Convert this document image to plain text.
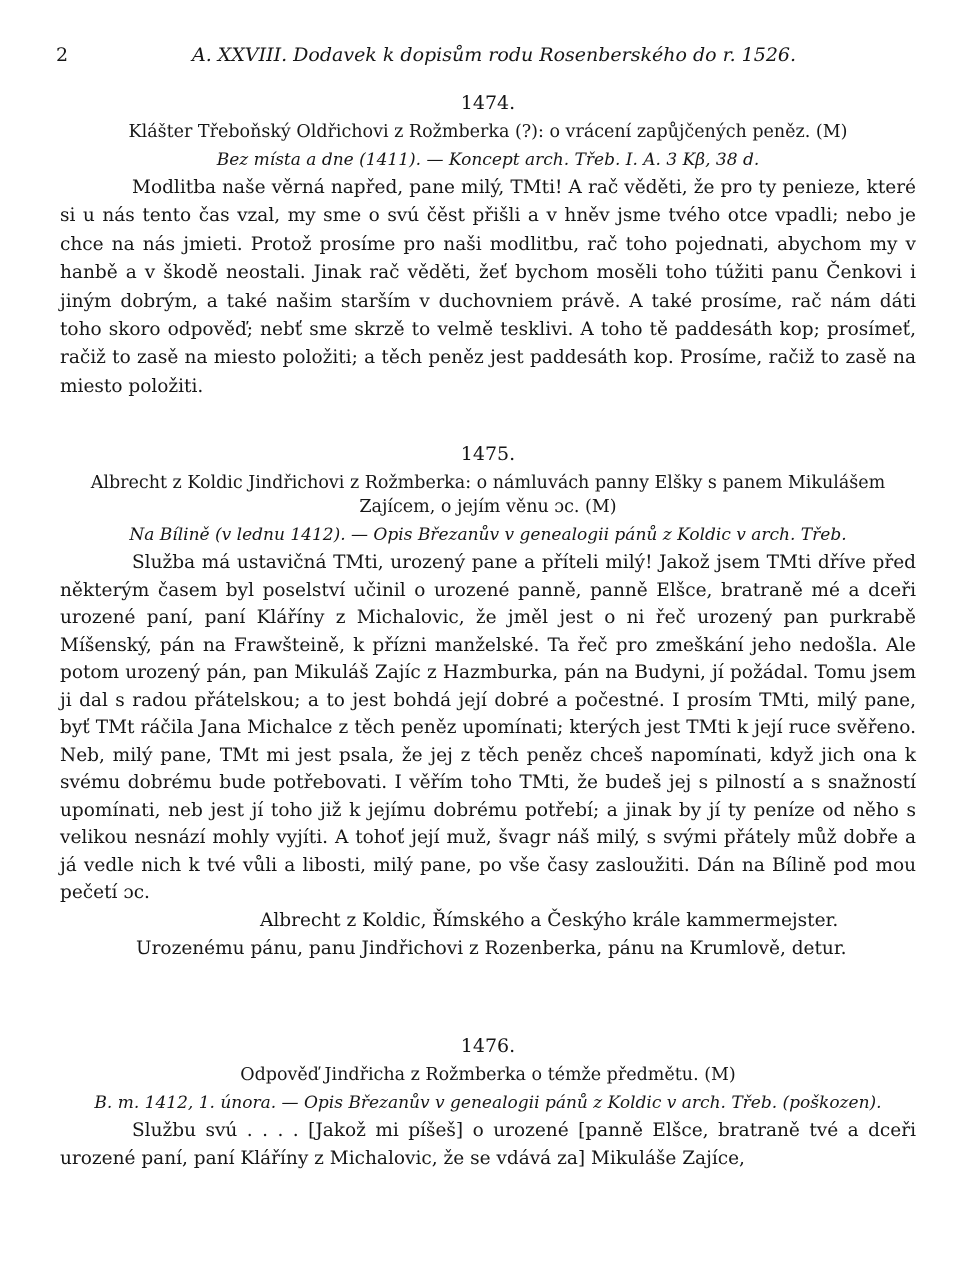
2	A. XXVIII. Dodavek k dopisům rodu Rosenberského do r. 1526.

1474.

Klášter Třeboňský Oldřichovi z Rožmberka (?): o vrácení zapůjčených peněz. (M)

Bez místa a dne (1411). — Koncept arch. Třeb. I. A. 3 Kβ, 38 d.

Modlitba naše věrná napřed, pane milý, TMti! A rač věděti, že pro ty penieze, které si u nás tento čas vzal, my sme o svú čěst přišli a v hněv jsme tvého otce vpadli; nebo je chce na nás jmieti. Protož prosíme pro naši modlitbu, rač toho pojednati, abychom my v hanbě a v škodě neostali. Jinak rač věděti, žeť bychom mosěli toho túžiti panu Čenkovi i jiným dobrým, a také našim starším v duchovniem právě. A také prosíme, rač nám dáti toho skoro odpověď; nebť sme skrzě to velmě tesklivi. A toho tě paddesáth kop; prosímeť, račiž to zasě na miesto položiti; a těch peněz jest paddesáth kop. Prosíme, račiž to zasě na miesto položiti.

1475.

Albrecht z Koldic Jindřichovi z Rožmberka: o námluvách panny Elšky s panem Mikulášem Zajícem, o jejím věnu ɔc. (M)

Na Bílině (v lednu 1412). — Opis Březanův v genealogii pánů z Koldic v arch. Třeb.

Služba má ustavičná TMti, urozený pane a příteli milý! Jakož jsem TMti dříve před některým časem byl poselství učinil o urozené panně, panně Elšce, bratraně mé a dceři urozené paní, paní Kláříny z Michalovic, že jměl jest o ni řeč urozený pan purkrabě Míšenský, pán na Frawšteině, k přízni manželské. Ta řeč pro zmeškání jeho nedošla. Ale potom urozený pán, pan Mikuláš Zajíc z Hazmburka, pán na Budyni, jí požádal. Tomu jsem ji dal s radou přátelskou; a to jest bohdá její dobré a počestné. I prosím TMti, milý pane, byť TMt ráčila Jana Michalce z těch peněz upomínati; kterých jest TMti k její ruce svěřeno. Neb, milý pane, TMt mi jest psala, že jej z těch peněz chceš napomínati, když jich ona k svému dobrému bude potřebovati. I věřím toho TMti, že budeš jej s pilností a s snažností upomínati, neb jest jí toho již k jejímu dobrému potřebí; a jinak by jí ty peníze od něho s velikou nesnází mohly vyjíti. A tohoť její muž, švagr náš milý, s svými přátely můž dobře a já vedle nich k tvé vůli a libosti, milý pane, po vše časy zasloužiti. Dán na Bílině pod mou pečetí ɔc.

Albrecht z Koldic, Římského a Českýho krále kammermejster.

Urozenému pánu, panu Jindřichovi z Rozenberka, pánu na Krumlově, detur.

1476.

Odpověď Jindřicha z Rožmberka o témže předmětu. (M)

B. m. 1412, 1. února. — Opis Březanův v genealogii pánů z Koldic v arch. Třeb. (poškozen).

Službu svú . . . . [Jakož mi píšeš] o urozené [panně Elšce, bratraně tvé a dceři urozené paní, paní Kláříny z Michalovic, že se vdává za] Mikuláše Zajíce,
